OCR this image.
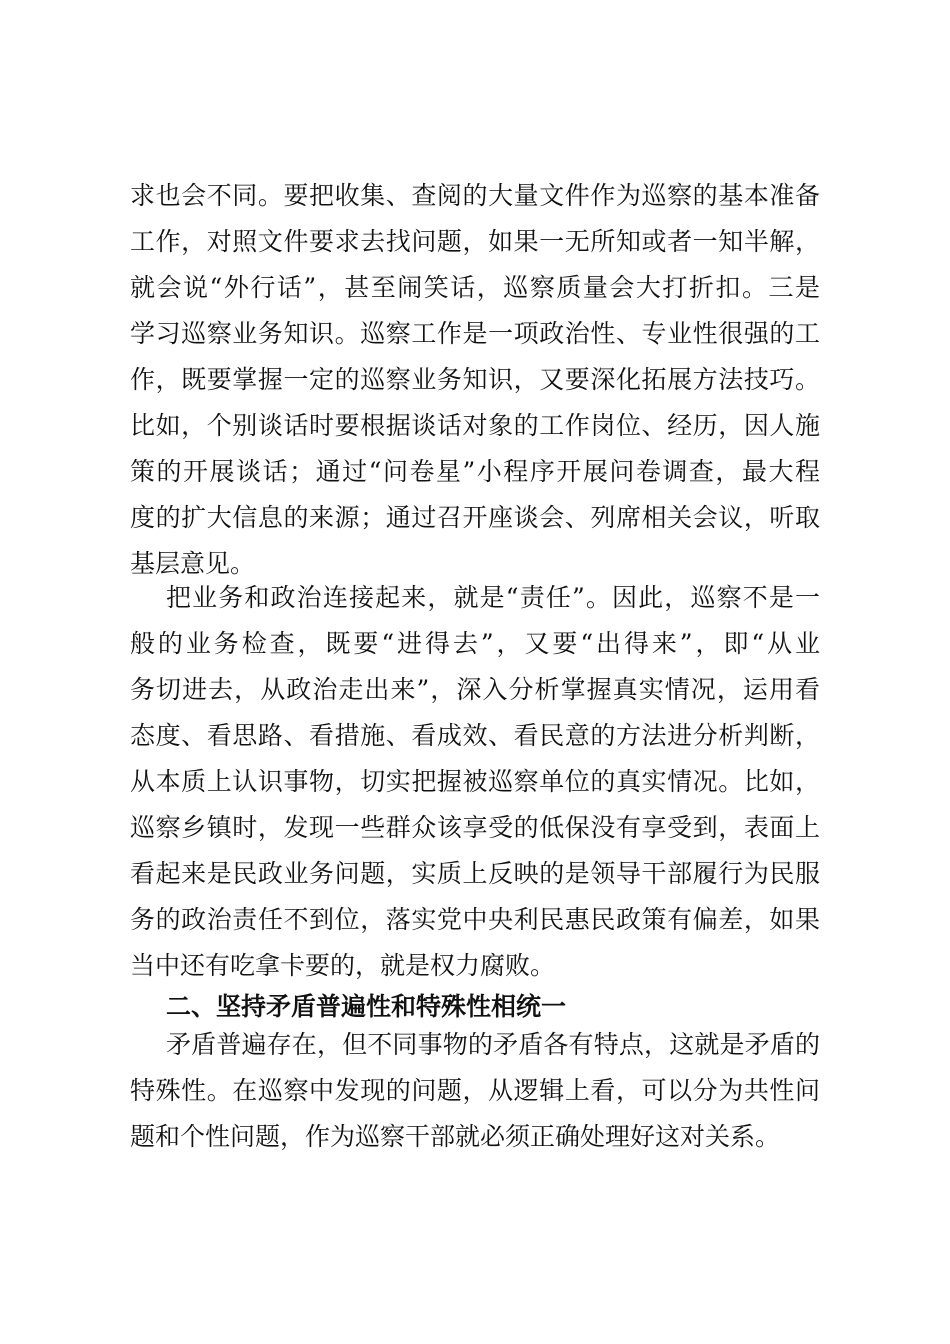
求也会不同。要把收集、查阅的大量文件作为巡察的基本准备
工作，对照文件要求去找问题，如果一无所知或者一知半解，
就会说“外行话”，甚至闹笑话，巡察质量会大打折扣。三是
学习巡察业务知识。巡察工作是一项政治性、专业性很强的工
作，既要掌握一定的巡察业务知识，又要深化拓展方法技巧。
比如，个别谈话时要根据谈话对象的工作岗位、经历，因人施
策的开展谈话；通过“问卷星”小程序开展问卷调查，最大程
度的扩大信息的来源；通过召开座谈会、列席相关会议，听取
基层意见。
把业务和政治连接起来，就是“责任”。因此，巡察不是一
般的业务检查，既要“进得去”，又要“出得来”，即“从业
务切进去，从政治走出来”，深入分析掌握真实情况，运用看
态度、看思路、看措施、看成效、看民意的方法进分析判断，
从本质上认识事物，切实把握被巡察单位的真实情况。比如，
巡察乡镇时，发现一些群众该享受的低保没有享受到，表面上
看起来是民政业务问题，实质上反映的是领导干部履行为民服
务的政治责任不到位，落实党中央利民惠民政策有偏差，如果
当中还有吃拿卡要的，就是权力腐败。
二、坚持矛盾普遍性和特殊性相统一
矛盾普遍存在，但不同事物的矛盾各有特点，这就是矛盾的
特殊性。在巡察中发现的问题，从逻辑上看，可以分为共性问
题和个性问题，作为巡察干部就必须正确处理好这对关系。
